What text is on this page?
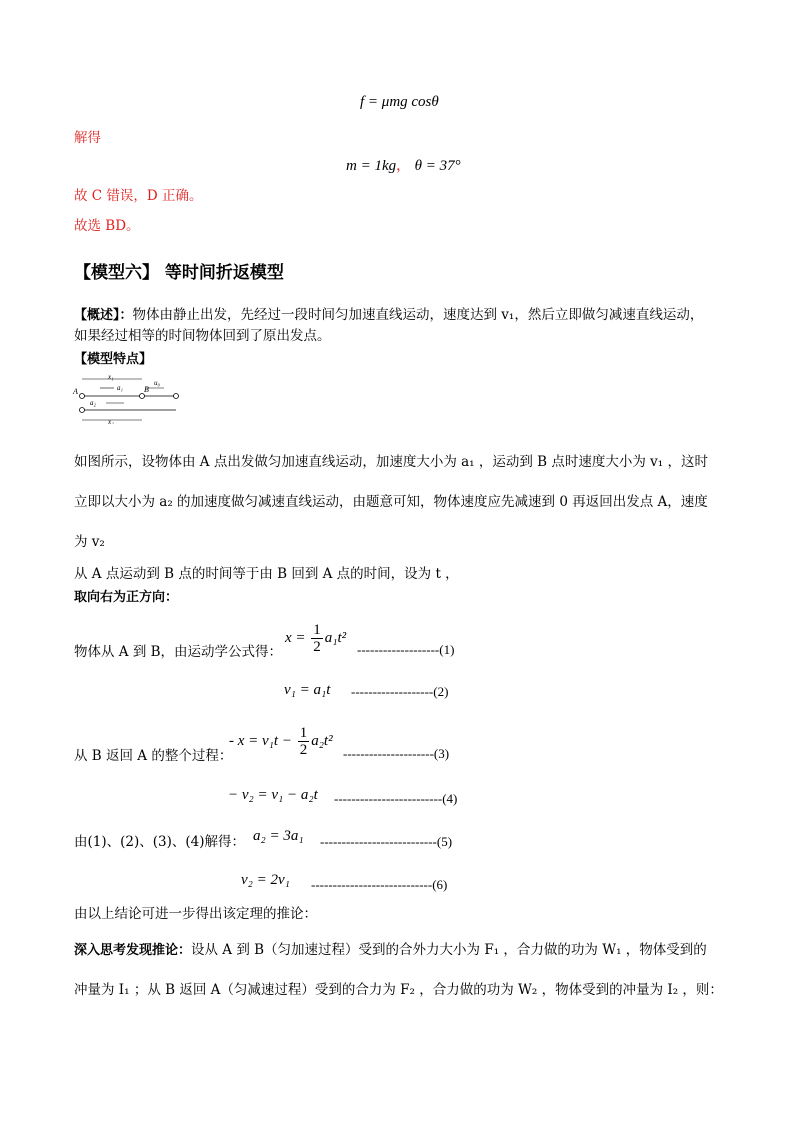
f = μmg cosθ
解得
m = 1kg， θ = 37°
故 C 错误，D 正确。
故选 BD。
【模型六】 等时间折返模型
【概述】：物体由静止出发，先经过一段时间匀加速直线运动，速度达到 v₁，然后立即做匀减速直线运动，
如果经过相等的时间物体回到了原出发点。
【模型特点】
A	B
x₁
a₁
u₀
a₂
x₂
如图所示，设物体由 A 点出发做匀加速直线运动，加速度大小为 a₁ ，运动到 B 点时速度大小为 v₁ ，这时
立即以大小为 a₂ 的加速度做匀减速直线运动，由题意可知，物体速度应先减速到 0 再返回出发点 A，速度
为 v₂
从 A 点运动到 B 点的时间等于由 B 回到 A 点的时间，设为 t ，
取向右为正方向：
物体从 A 到 B，由运动学公式得：
$x = \frac{1}{2} a_1t^2$
-------------------(1)
v₁ = a₁t -------------------(2)
从 B 返回 A 的整个过程：
- $x = v_1t - \frac{1}{2} a_2t^2$
---------------------(3)
− v₂ = v₁ − a₂t -------------------------(4)
由(1)、(2)、(3)、(4)解得： a₂ = 3a₁ ---------------------------(5)
v₂ = 2v₁ ----------------------------(6)
由以上结论可进一步得出该定理的推论：
深入思考发现推论：设从 A 到 B（匀加速过程）受到的合外力大小为 F₁ ，合力做的功为 W₁ ，物体受到的
冲量为 I₁ ；从 B 返回 A（匀减速过程）受到的合力为 F₂ ，合力做的功为 W₂ ，物体受到的冲量为 I₂ ，则：
